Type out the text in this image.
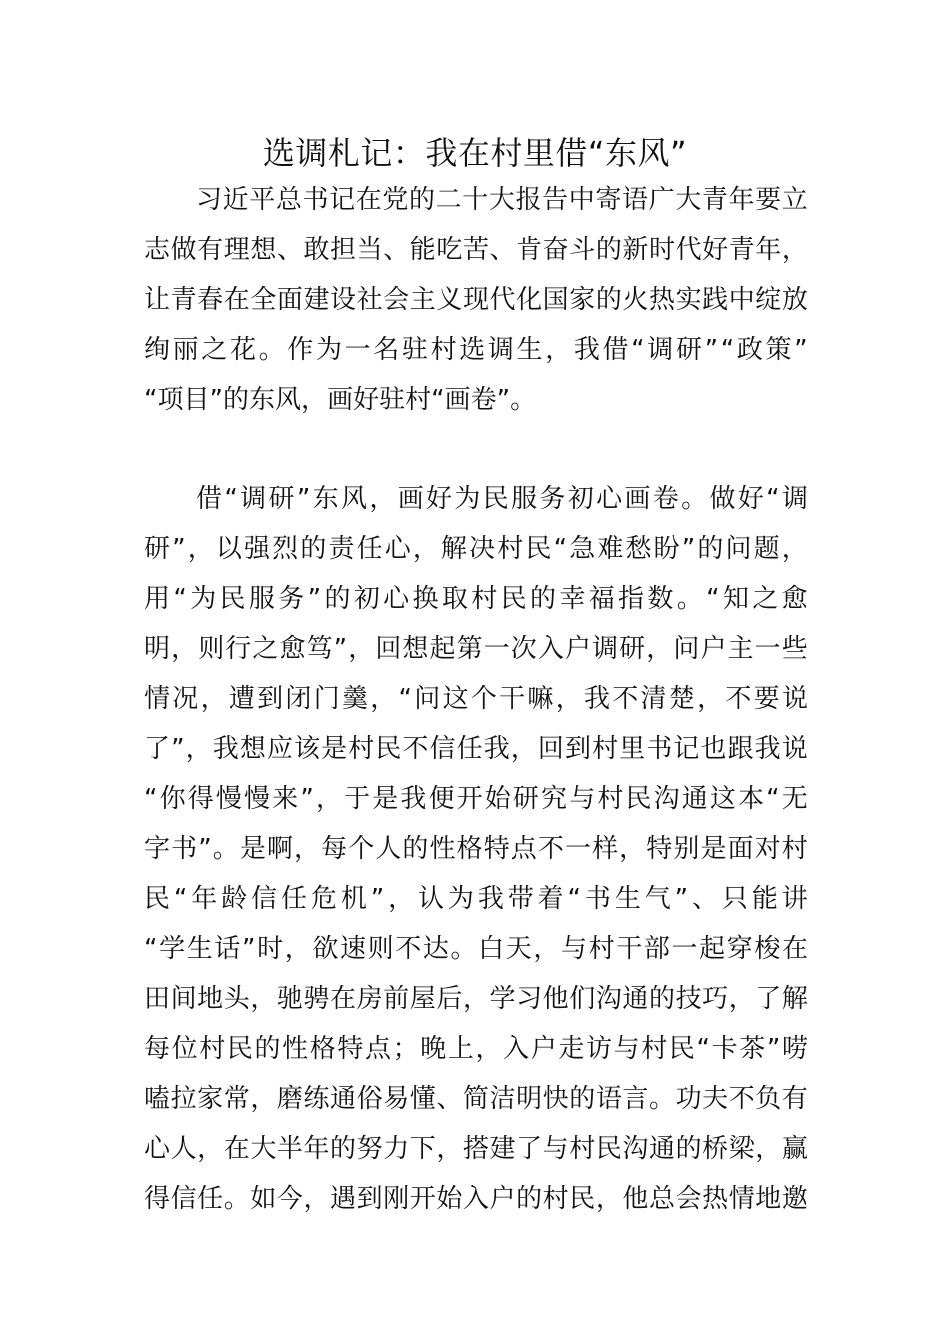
选调札记：我在村里借“东风”

习 近 平 总 书 记 在 党 的 二 十 大 报 告 中 寄 语 广 大 青 年 要 立

志 做 有 理 想 、 敢 担 当 、 能 吃 苦 、 肯 奋 斗 的 新 时 代 好 青 年 ，

让 青 春 在 全 面 建 设 社 会 主 义 现 代 化 国 家 的 火 热 实 践 中 绽 放

绚 丽 之 花 。 作 为 一 名 驻 村 选 调 生 ， 我 借 “ 调 研 ” “ 政 策 ”

“ 项 目 ” 的 东 风 ， 画 好 驻 村 “ 画 卷 ” 。

借 “ 调 研 ” 东 风 ， 画 好 为 民 服 务 初 心 画 卷 。 做 好 “ 调

研 ” ， 以 强 烈 的 责 任 心 ， 解 决 村 民 “ 急 难 愁 盼 ” 的 问 题 ，

用 “ 为 民 服 务 ” 的 初 心 换 取 村 民 的 幸 福 指 数 。 “ 知 之 愈

明 ， 则 行 之 愈 笃 ” ， 回 想 起 第 一 次 入 户 调 研 ， 问 户 主 一 些

情 况 ， 遭 到 闭 门 羹 ， “ 问 这 个 干 嘛 ， 我 不 清 楚 ， 不 要 说

了 ” ， 我 想 应 该 是 村 民 不 信 任 我 ， 回 到 村 里 书 记 也 跟 我 说

“ 你 得 慢 慢 来 ” ， 于 是 我 便 开 始 研 究 与 村 民 沟 通 这 本 “ 无

字 书 ” 。 是 啊 ， 每 个 人 的 性 格 特 点 不 一 样 ， 特 别 是 面 对 村

民 “ 年 龄 信 任 危 机 ” ， 认 为 我 带 着 “ 书 生 气 ” 、 只 能 讲

“ 学 生 话 ” 时 ， 欲 速 则 不 达 。 白 天 ， 与 村 干 部 一 起 穿 梭 在

田 间 地 头 ， 驰 骋 在 房 前 屋 后 ， 学 习 他 们 沟 通 的 技 巧 ， 了 解

每 位 村 民 的 性 格 特 点 ； 晚 上 ， 入 户 走 访 与 村 民 “ 卡 茶 ” 唠

嗑 拉 家 常 ， 磨 练 通 俗 易 懂 、 简 洁 明 快 的 语 言 。 功 夫 不 负 有

心 人 ， 在 大 半 年 的 努 力 下 ， 搭 建 了 与 村 民 沟 通 的 桥 梁 ， 赢

得 信 任 。 如 今 ， 遇 到 刚 开 始 入 户 的 村 民 ， 他 总 会 热 情 地 邀
